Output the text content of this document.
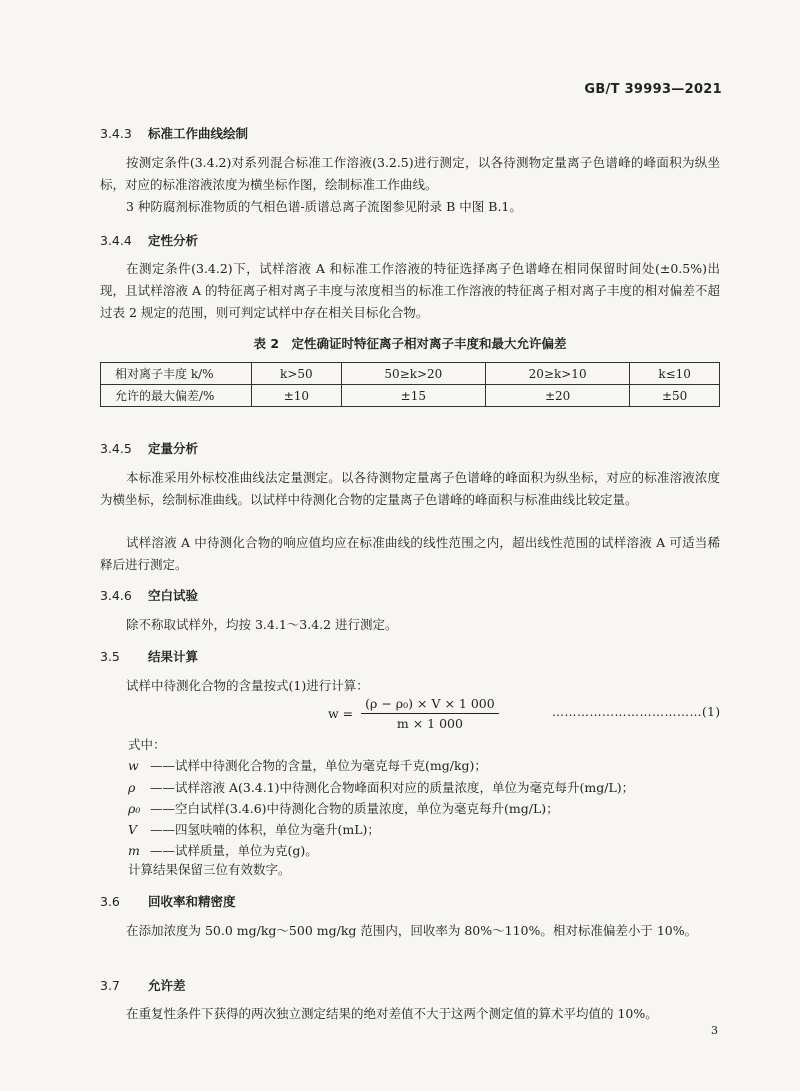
GB/T 39993—2021
3.4.3 标准工作曲线绘制
按测定条件(3.4.2)对系列混合标准工作溶液(3.2.5)进行测定，以各待测物定量离子色谱峰的峰面积为纵坐标，对应的标准溶液浓度为横坐标作图，绘制标准工作曲线。
3 种防腐剂标准物质的气相色谱-质谱总离子流图参见附录 B 中图 B.1。
3.4.4 定性分析
在测定条件(3.4.2)下，试样溶液 A 和标准工作溶液的特征选择离子色谱峰在相同保留时间处(±0.5%)出现，且试样溶液 A 的特征离子相对离子丰度与浓度相当的标准工作溶液的特征离子相对离子丰度的相对偏差不超过表 2 规定的范围，则可判定试样中存在相关目标化合物。
表 2　定性确证时特征离子相对离子丰度和最大允许偏差
相对离子丰度 k/%	k>50	50≥k>20	20≥k>10	k≤10
允许的最大偏差/%	±10	±15	±20	±50
3.4.5 定量分析
本标准采用外标校准曲线法定量测定。以各待测物定量离子色谱峰的峰面积为纵坐标，对应的标准溶液浓度为横坐标，绘制标准曲线。以试样中待测化合物的定量离子色谱峰的峰面积与标准曲线比较定量。
试样溶液 A 中待测化合物的响应值均应在标准曲线的线性范围之内，超出线性范围的试样溶液 A 可适当稀释后进行测定。
3.4.6 空白试验
除不称取试样外，均按 3.4.1～3.4.2 进行测定。
3.5 结果计算
试样中待测化合物的含量按式(1)进行计算：
$w = \frac{\text{(ρ − ρ₀) × V × 1 000}}{m \times 1 000}$	………………………………(1)
式中：
w ——试样中待测化合物的含量，单位为毫克每千克(mg/kg)；
ρ ——试样溶液 A(3.4.1)中待测化合物峰面积对应的质量浓度，单位为毫克每升(mg/L)；
ρ₀ ——空白试样(3.4.6)中待测化合物的质量浓度，单位为毫克每升(mg/L)；
V ——四氢呋喃的体积，单位为毫升(mL)；
m ——试样质量，单位为克(g)。
计算结果保留三位有效数字。
3.6 回收率和精密度
在添加浓度为 50.0 mg/kg～500 mg/kg 范围内，回收率为 80%～110%。相对标准偏差小于 10%。
3.7 允许差
在重复性条件下获得的两次独立测定结果的绝对差值不大于这两个测定值的算术平均值的 10%。
3
